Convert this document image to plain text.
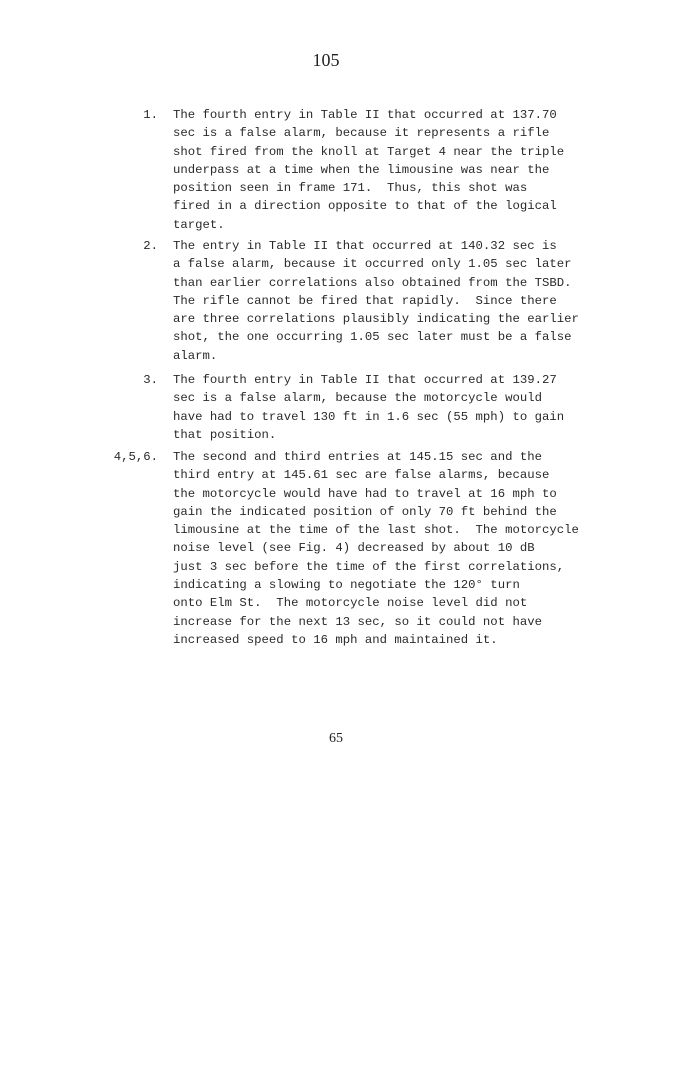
105
1. The fourth entry in Table II that occurred at 137.70
sec is a false alarm, because it represents a rifle
shot fired from the knoll at Target 4 near the triple
underpass at a time when the limousine was near the
position seen in frame 171.  Thus, this shot was
fired in a direction opposite to that of the logical
target.
2. The entry in Table II that occurred at 140.32 sec is
a false alarm, because it occurred only 1.05 sec later
than earlier correlations also obtained from the TSBD.
The rifle cannot be fired that rapidly.  Since there
are three correlations plausibly indicating the earlier
shot, the one occurring 1.05 sec later must be a false
alarm.
3. The fourth entry in Table II that occurred at 139.27
sec is a false alarm, because the motorcycle would
have had to travel 130 ft in 1.6 sec (55 mph) to gain
that position.
4,5,6. The second and third entries at 145.15 sec and the
third entry at 145.61 sec are false alarms, because
the motorcycle would have had to travel at 16 mph to
gain the indicated position of only 70 ft behind the
limousine at the time of the last shot.  The motorcycle
noise level (see Fig. 4) decreased by about 10 dB
just 3 sec before the time of the first correlations,
indicating a slowing to negotiate the 120° turn
onto Elm St.  The motorcycle noise level did not
increase for the next 13 sec, so it could not have
increased speed to 16 mph and maintained it.
65
